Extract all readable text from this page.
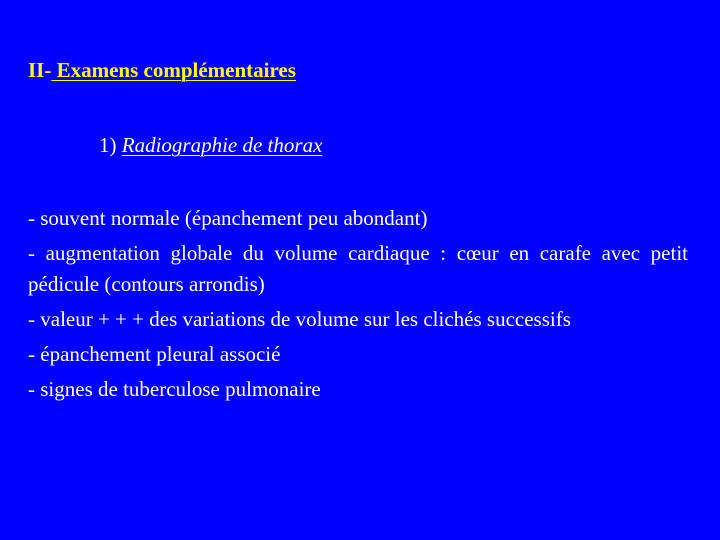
II- Examens complémentaires
1) Radiographie de thorax
- souvent normale (épanchement peu abondant)
- augmentation globale du volume cardiaque : cœur en carafe avec petit pédicule (contours arrondis)
- valeur + + + des variations de volume sur les clichés successifs
- épanchement pleural associé
- signes de tuberculose pulmonaire
